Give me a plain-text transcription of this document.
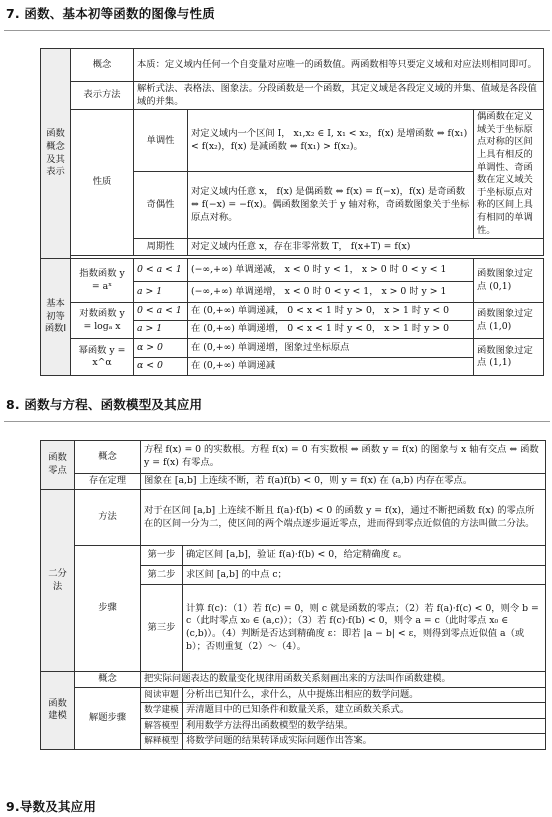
7. 函数、基本初等函数的图像与性质
函数概念及其表示	概念	本质：定义域内任何一个自变量对应唯一的函数值。两函数相等只要定义域和对应法则相同即可。		
	表示方法	解析式法、表格法、图象法。分段函数是一个函数，其定义域是各段定义域的并集、值域是各段值域的并集。		
	性质	单调性	对定义域内一个区间 I， x₁,x₂ ∈ I, x₁ < x₂，f(x) 是增函数 ⇔ f(x₁) < f(x₂)，f(x) 是减函数 ⇔ f(x₁) > f(x₂)。	偶函数在定义域关于坐标原点对称的区间上具有相反的单调性、奇函数在定义域关于坐标原点对称的区间上具有相同的单调性。
		奇偶性	对定义域内任意 x， f(x) 是偶函数 ⇔ f(x) = f(−x)，f(x) 是奇函数 ⇔ f(−x) = −f(x)。偶函数图象关于 y 轴对称，奇函数图象关于坐标原点对称。	
		周期性	对定义域内任意 x，存在非零常数 T， f(x+T) = f(x)	

基本初等函数Ⅰ	指数函数 y = aˣ	0 < a < 1	(−∞,+∞) 单调递减， x < 0 时 y < 1， x > 0 时 0 < y < 1	函数图象过定点 (0,1)
		a > 1	(−∞,+∞) 单调递增， x < 0 时 0 < y < 1， x > 0 时 y > 1	
	对数函数 y = logₐ x	0 < a < 1	在 (0,+∞) 单调递减， 0 < x < 1 时 y > 0， x > 1 时 y < 0	函数图象过定点 (1,0)
		a > 1	在 (0,+∞) 单调递增， 0 < x < 1 时 y < 0， x > 1 时 y > 0	
	幂函数 y = x^α	α > 0	在 (0,+∞) 单调递增，图象过坐标原点	函数图象过定点 (1,1)
		α < 0	在 (0,+∞) 单调递减	
8. 函数与方程、函数模型及其应用
函数零点	概念	方程 f(x) = 0 的实数根。方程 f(x) = 0 有实数根 ⇔ 函数 y = f(x) 的图象与 x 轴有交点 ⇔ 函数 y = f(x) 有零点。	
	存在定理	图象在 [a,b] 上连续不断，若 f(a)f(b) < 0，则 y = f(x) 在 (a,b) 内存在零点。	
二分法	方法	对于在区间 [a,b] 上连续不断且 f(a)·f(b) < 0 的函数 y = f(x)，通过不断把函数 f(x) 的零点所在的区间一分为二，使区间的两个端点逐步逼近零点，进而得到零点近似值的方法叫做二分法。	
	步骤	第一步	确定区间 [a,b]，验证 f(a)·f(b) < 0，给定精确度 ε。
		第二步	求区间 [a,b] 的中点 c；
		第三步	计算 f(c)：（1）若 f(c) = 0，则 c 就是函数的零点；（2）若 f(a)·f(c) < 0，则令 b = c（此时零点 x₀ ∈ (a,c)）；（3）若 f(c)·f(b) < 0，则令 a = c（此时零点 x₀ ∈ (c,b)）。（4）判断是否达到精确度 ε：即若 |a − b| < ε，则得到零点近似值 a（或 b）；否则重复（2）～（4）。
函数建模	概念	把实际问题表达的数量变化规律用函数关系刻画出来的方法叫作函数建模。	
	解题步骤	阅读审题	分析出已知什么，求什么，从中提炼出相应的数学问题。
		数学建模	弄清题目中的已知条件和数量关系，建立函数关系式。
		解答模型	利用数学方法得出函数模型的数学结果。
		解释模型	将数学问题的结果转译成实际问题作出答案。
9.导数及其应用
